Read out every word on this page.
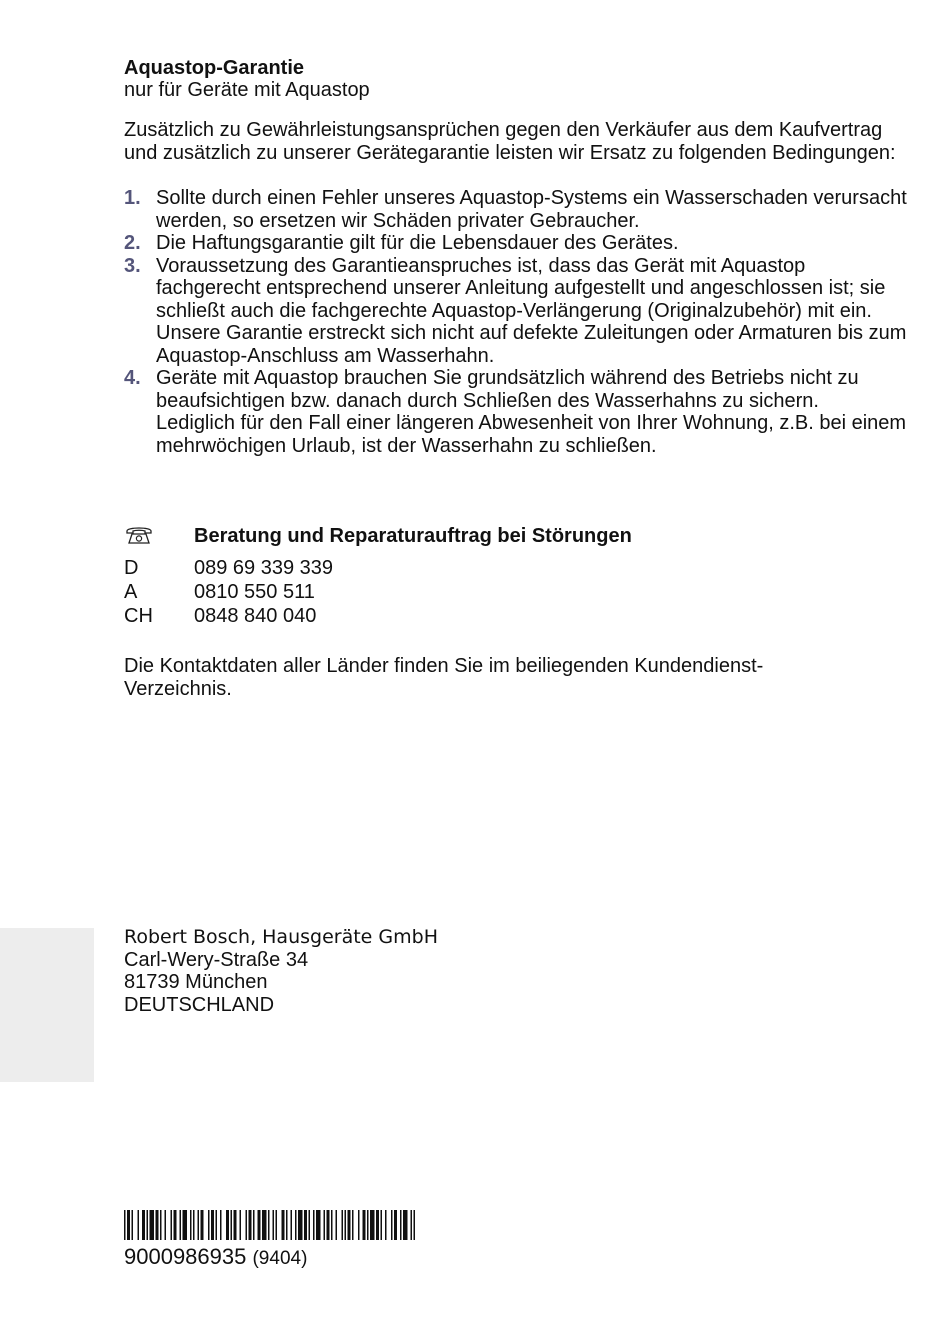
Aquastop-Garantie
nur für Geräte mit Aquastop

Zusätzlich zu Gewährleistungsansprüchen gegen den Verkäufer aus dem Kaufvertrag und zusätzlich zu unserer Gerätegarantie leisten wir Ersatz zu folgenden Bedingungen:

1. Sollte durch einen Fehler unseres Aquastop-Systems ein Wasserschaden verursacht werden, so ersetzen wir Schäden privater Gebraucher.

2. Die Haftungsgarantie gilt für die Lebensdauer des Gerätes.

3. Voraussetzung des Garantieanspruches ist, dass das Gerät mit Aquastop fachgerecht entsprechend unserer Anleitung aufgestellt und angeschlossen ist; sie schließt auch die fachgerechte Aquastop-Verlängerung (Originalzubehör) mit ein.

Unsere Garantie erstreckt sich nicht auf defekte Zuleitungen oder Armaturen bis zum Aquastop-Anschluss am Wasserhahn.

4. Geräte mit Aquastop brauchen Sie grundsätzlich während des Betriebs nicht zu beaufsichtigen bzw. danach durch Schließen des Wasserhahns zu sichern.

Lediglich für den Fall einer längeren Abwesenheit von Ihrer Wohnung, z.B. bei einem mehrwöchigen Urlaub, ist der Wasserhahn zu schließen.

Beratung und Reparaturauftrag bei Störungen
D	089 69 339 339
A	0810 550 511
CH	0848 840 040

Die Kontaktdaten aller Länder finden Sie im beiliegenden Kundendienst-Verzeichnis.

Robert Bosch, Hausgeräte GmbH
Carl-Wery-Straße 34
81739 München
DEUTSCHLAND
9000986935 (9404)
